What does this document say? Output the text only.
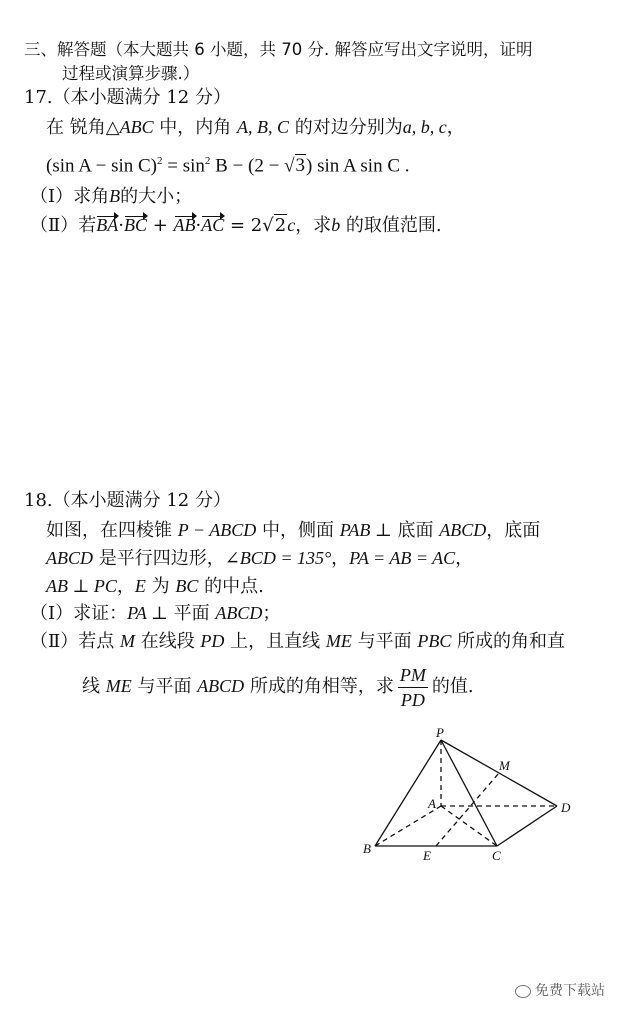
三、解答题（本大题共 6 小题，共 70 分. 解答应写出文字说明，证明
过程或演算步骤.）
17.（本小题满分 12 分）
在 锐角△ABC 中，内角 A, B, C 的对边分别为a, b, c，
(sin $A - \sin C)^2 = \sin^2 B - (2 - √3)$ sin A sin C .
（Ⅰ）求角B的大小；
（Ⅱ）若BA·BC + AB·AC = 2√2c，求b 的取值范围.
18.（本小题满分 12 分）
如图，在四棱锥 P − ABCD 中，侧面 PAB ⊥ 底面 ABCD，底面
ABCD 是平行四边形，∠BCD = 135°，PA = AB = AC，
AB ⊥ PC，E 为 BC 的中点.
（Ⅰ）求证：PA ⊥ 平面 ABCD；
（Ⅱ）若点 M 在线段 PD 上，且直线 ME 与平面 PBC 所成的角和直
线 ME 与平面 ABCD 所成的角相等，求 $\frac{PM}{PD}$ 的值.
P
M
A	D
B	E	C
免费下载站
